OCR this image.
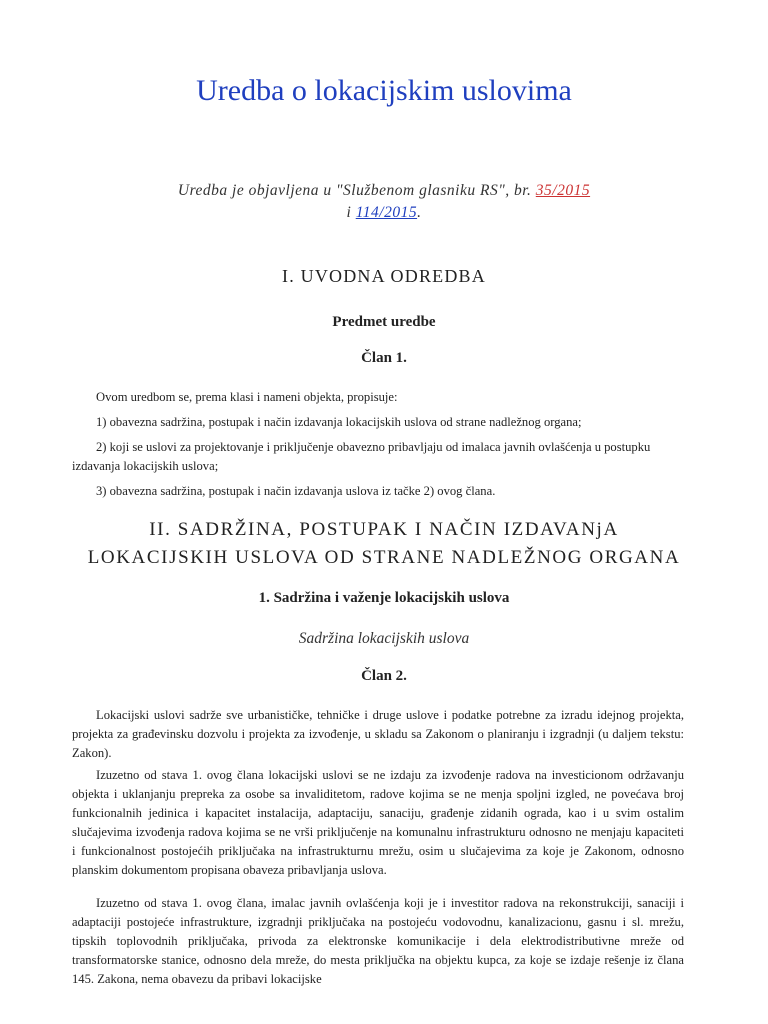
Uredba o lokacijskim uslovima
Uredba je objavljena u "Službenom glasniku RS", br. 35/2015
i 114/2015.
I. UVODNA ODREDBA
Predmet uredbe
Član 1.

Ovom uredbom se, prema klasi i nameni objekta, propisuje:

1) obavezna sadržina, postupak i način izdavanja lokacijskih uslova od strane nadležnog organa;

2) koji se uslovi za projektovanje i priključenje obavezno pribavljaju od imalaca javnih ovlašćenja u postupku izdavanja lokacijskih uslova;

3) obavezna sadržina, postupak i način izdavanja uslova iz tačke 2) ovog člana.

II. SADRŽINA, POSTUPAK I NAČIN IZDAVANjA
LOKACIJSKIH USLOVA OD STRANE NADLEŽNOG ORGANA
1. Sadržina i važenje lokacijskih uslova
Sadržina lokacijskih uslova
Član 2.

Lokacijski uslovi sadrže sve urbanističke, tehničke i druge uslove i podatke potrebne za izradu idejnog projekta, projekta za građevinsku dozvolu i projekta za izvođenje, u skladu sa Zakonom o planiranju i izgradnji (u daljem tekstu: Zakon).

Izuzetno od stava 1. ovog člana lokacijski uslovi se ne izdaju za izvođenje radova na investicionom održavanju objekta i uklanjanju prepreka za osobe sa invaliditetom, radove kojima se ne menja spoljni izgled, ne povećava broj funkcionalnih jedinica i kapacitet instalacija, adaptaciju, sanaciju, građenje zidanih ograda, kao i u svim ostalim slučajevima izvođenja radova kojima se ne vrši priključenje na komunalnu infrastrukturu odnosno ne menjaju kapaciteti i funkcionalnost postojećih priključaka na infrastrukturnu mrežu, osim u slučajevima za koje je Zakonom, odnosno planskim dokumentom propisana obaveza pribavljanja uslova.

Izuzetno od stava 1. ovog člana, imalac javnih ovlašćenja koji je i investitor radova na rekonstrukciji, sanaciji i adaptaciji postojeće infrastrukture, izgradnji priključaka na postojeću vodovodnu, kanalizacionu, gasnu i sl. mrežu, tipskih toplovodnih priključaka, privoda za elektronske komunikacije i dela elektrodistributivne mreže od transformatorske stanice, odnosno dela mreže, do mesta priključka na objektu kupca, za koje se izdaje rešenje iz člana 145. Zakona, nema obavezu da pribavi lokacijske
